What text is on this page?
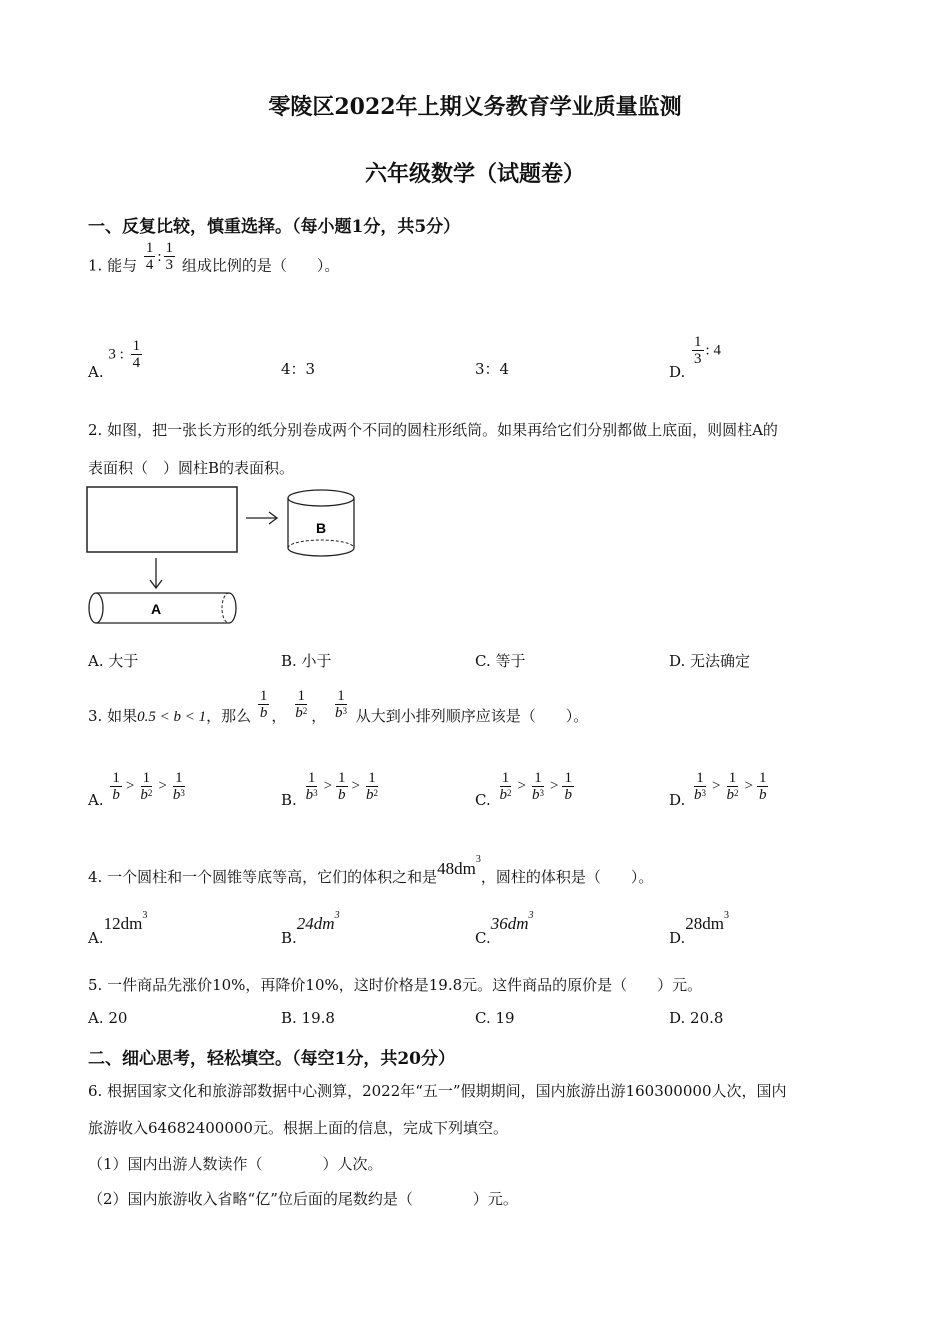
零陵区2022年上期义务教育学业质量监测
六年级数学（试题卷）
一、反复比较，慎重选择。（每小题1分，共5分）
1. 能与 $\frac{1}{4}$ : $\frac{1}{3}$ 组成比例的是（　　）。
A. 3 : $\frac{1}{4}$	4：3	3：4	D.
$\frac{1}{3}$ : 4
2. 如图，把一张长方形的纸分别卷成两个不同的圆柱形纸筒。如果再给它们分别都做上底面，则圆柱A的
表面积（　）圆柱B的表面积。
B
A
A. 大于	B. 小于	C. 等于	D. 无法确定
3. 如果0.5 < b < 1，那么 $\frac{1}{b}$ ， $\frac{1}{b^2}$ ， $\frac{1}{b^3}$ 从大到小排列顺序应该是（　　）。
A. $\frac{1}{b} > \frac{1}{b^2} > \frac{1}{b^3}$	B. $\frac{1}{b^3} > \frac{1}{b} > \frac{1}{b^2}$	C. $\frac{1}{b^2} > \frac{1}{b^3} > \frac{1}{b}$	D. $\frac{1}{b^3} > \frac{1}{b^2} > \frac{1}{b}$
4. 一个圆柱和一个圆锥等底等高，它们的体积之和是$48dm^3$，圆柱的体积是（　　）。
$A.12dm^3$
$B.24dm^3$
$C.36dm^3$
$D.28dm^3$
5. 一件商品先涨价10%，再降价10%，这时价格是19.8元。这件商品的原价是（　　）元。
A. 20	B. 19.8	C. 19	D. 20.8
二、细心思考，轻松填空。（每空1分，共20分）
6. 根据国家文化和旅游部数据中心测算，2022年“五一”假期期间，国内旅游出游160300000人次，国内
旅游收入64682400000元。根据上面的信息，完成下列填空。
（1）国内出游人数读作（　　　　）人次。
（2）国内旅游收入省略“亿”位后面的尾数约是（　　　　）元。
